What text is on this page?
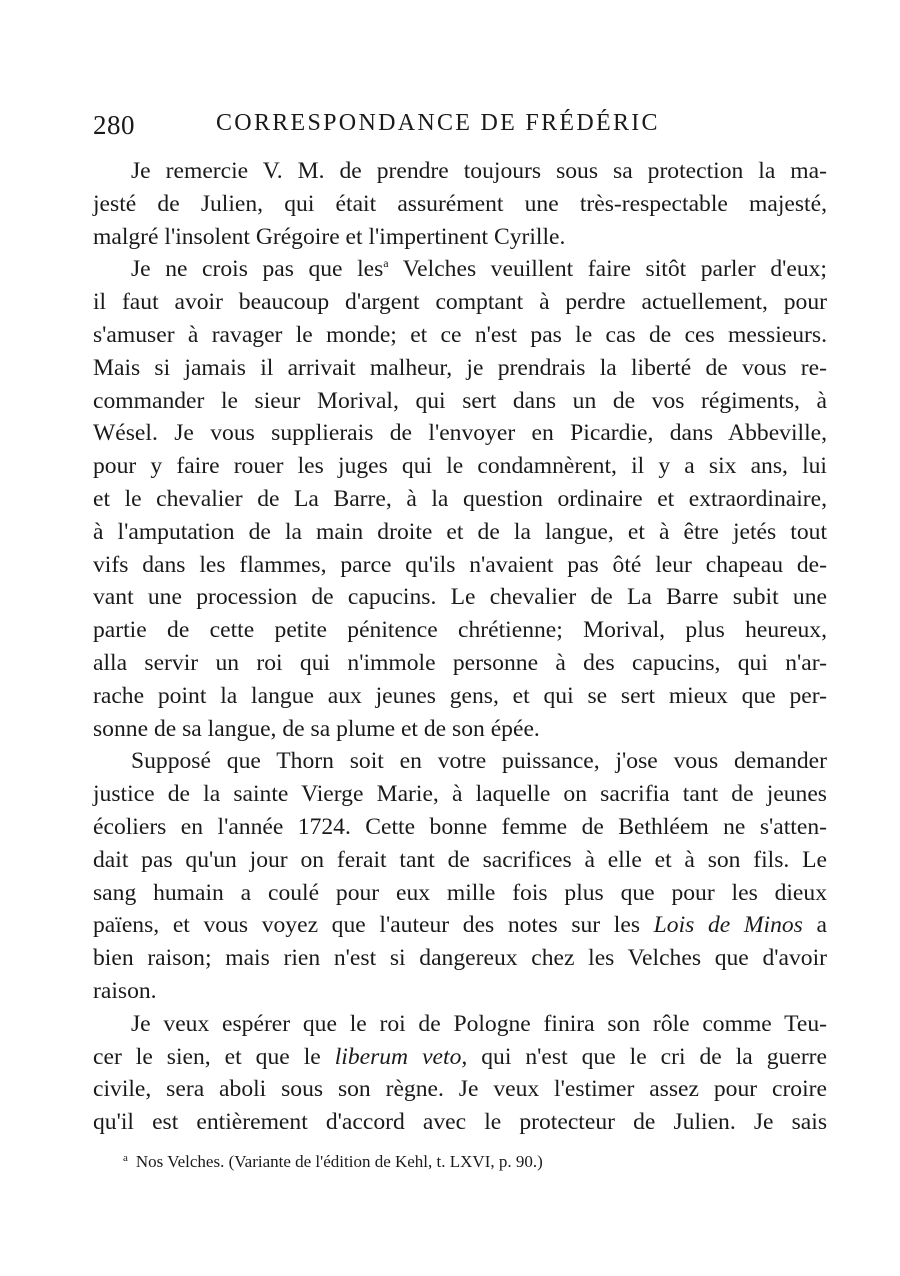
280	CORRESPONDANCE DE FRÉDÉRIC
Je remercie V. M. de prendre toujours sous sa protection la ma-
jesté de Julien, qui était assurément une très-respectable majesté,
malgré l'insolent Grégoire et l'impertinent Cyrille.
Je ne crois pas que les$^a$ Velches veuillent faire sitôt parler d'eux;
il faut avoir beaucoup d'argent comptant à perdre actuellement, pour
s'amuser à ravager le monde; et ce n'est pas le cas de ces messieurs.
Mais si jamais il arrivait malheur, je prendrais la liberté de vous re-
commander le sieur Morival, qui sert dans un de vos régiments, à
Wésel. Je vous supplierais de l'envoyer en Picardie, dans Abbeville,
pour y faire rouer les juges qui le condamnèrent, il y a six ans, lui
et le chevalier de La Barre, à la question ordinaire et extraordinaire,
à l'amputation de la main droite et de la langue, et à être jetés tout
vifs dans les flammes, parce qu'ils n'avaient pas ôté leur chapeau de-
vant une procession de capucins. Le chevalier de La Barre subit une
partie de cette petite pénitence chrétienne; Morival, plus heureux,
alla servir un roi qui n'immole personne à des capucins, qui n'ar-
rache point la langue aux jeunes gens, et qui se sert mieux que per-
sonne de sa langue, de sa plume et de son épée.
Supposé que Thorn soit en votre puissance, j'ose vous demander
justice de la sainte Vierge Marie, à laquelle on sacrifia tant de jeunes
écoliers en l'année 1724. Cette bonne femme de Bethléem ne s'atten-
dait pas qu'un jour on ferait tant de sacrifices à elle et à son fils. Le
sang humain a coulé pour eux mille fois plus que pour les dieux
païens, et vous voyez que l'auteur des notes sur les Lois de Minos a
bien raison; mais rien n'est si dangereux chez les Velches que d'avoir
raison.
Je veux espérer que le roi de Pologne finira son rôle comme Teu-
cer le sien, et que le liberum veto, qui n'est que le cri de la guerre
civile, sera aboli sous son règne. Je veux l'estimer assez pour croire
qu'il est entièrement d'accord avec le protecteur de Julien. Je sais
$^a$ Nos Velches. (Variante de l'édition de Kehl, t. LXVI, p. 90.)
